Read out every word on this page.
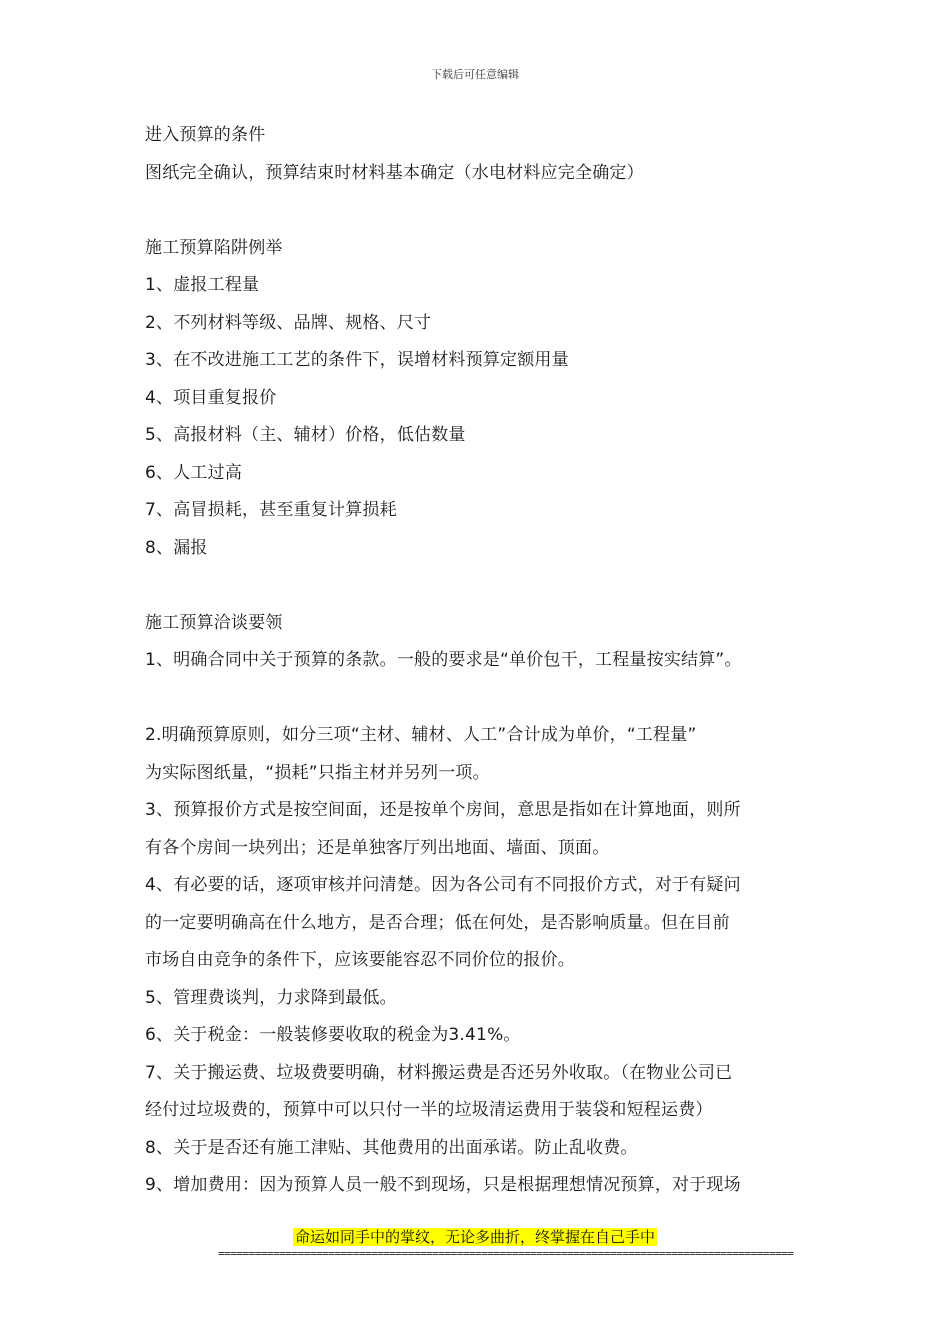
下载后可任意编辑
进入预算的条件
图纸完全确认，预算结束时材料基本确定（水电材料应完全确定）
施工预算陷阱例举
1、虚报工程量
2、不列材料等级、品牌、规格、尺寸
3、在不改进施工工艺的条件下，误增材料预算定额用量
4、项目重复报价
5、高报材料（主、辅材）价格，低估数量
6、人工过高
7、高冒损耗，甚至重复计算损耗
8、漏报
施工预算洽谈要领
1、明确合同中关于预算的条款。一般的要求是“单价包干，工程量按实结算”。
2.明确预算原则，如分三项“主材、辅材、人工”合计成为单价，“工程量”
为实际图纸量，“损耗”只指主材并另列一项。
3、预算报价方式是按空间面，还是按单个房间，意思是指如在计算地面，则所
有各个房间一块列出；还是单独客厅列出地面、墙面、顶面。
4、有必要的话，逐项审核并问清楚。因为各公司有不同报价方式，对于有疑问
的一定要明确高在什么地方，是否合理；低在何处，是否影响质量。但在目前
市场自由竞争的条件下，应该要能容忍不同价位的报价。
5、管理费谈判，力求降到最低。
6、关于税金：一般装修要收取的税金为3.41%。
7、关于搬运费、垃圾费要明确，材料搬运费是否还另外收取。（在物业公司已
经付过垃圾费的，预算中可以只付一半的垃圾清运费用于装袋和短程运费）
8、关于是否还有施工津贴、其他费用的出面承诺。防止乱收费。
9、增加费用：因为预算人员一般不到现场，只是根据理想情况预算，对于现场
命运如同手中的掌纹，无论多曲折，终掌握在自己手中
==============================================================================================
